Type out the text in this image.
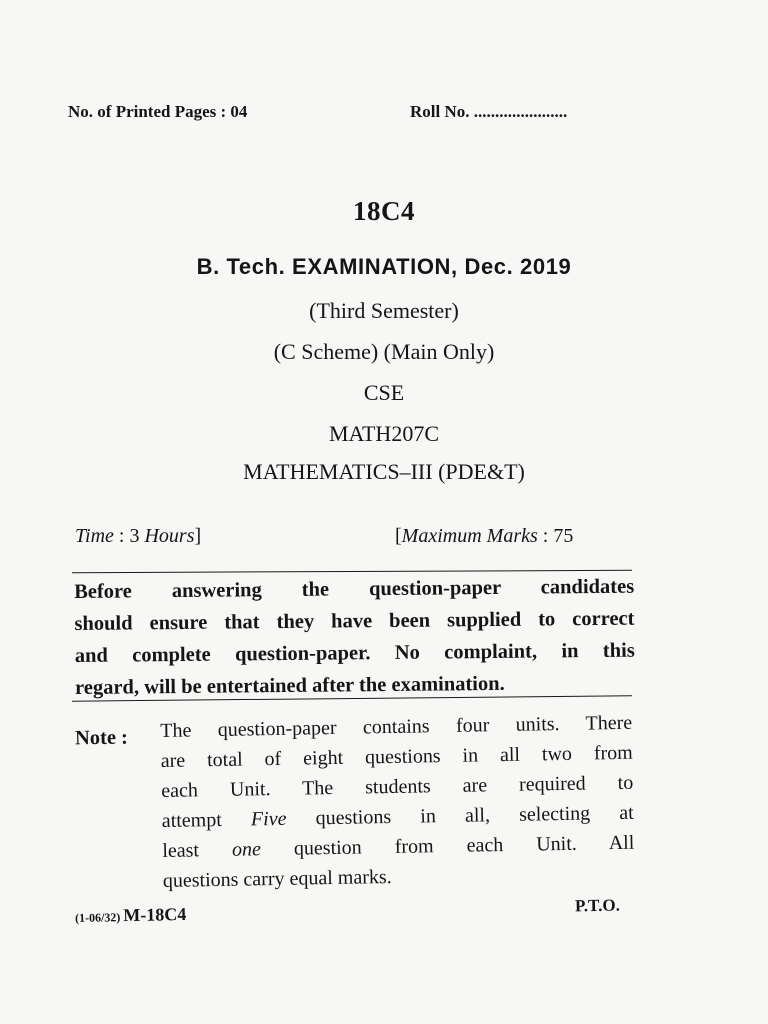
No. of Printed Pages : 04	Roll No. ......................
18C4
B. Tech. EXAMINATION, Dec. 2019
(Third Semester)
(C Scheme) (Main Only)
CSE
MATH207C
MATHEMATICS–III (PDE&T)
Time : 3 Hours]	[Maximum Marks : 75
Before answering the question-paper candidates
should ensure that they have been supplied to correct
and complete question-paper. No complaint, in this
regard, will be entertained after the examination.
Note : The question-paper contains four units. There
are total of eight questions in all two from
each Unit. The students are required to
attempt Five questions in all, selecting at
least one question from each Unit. All
questions carry equal marks.
P.T.O.
(1-06/32) M-18C4
